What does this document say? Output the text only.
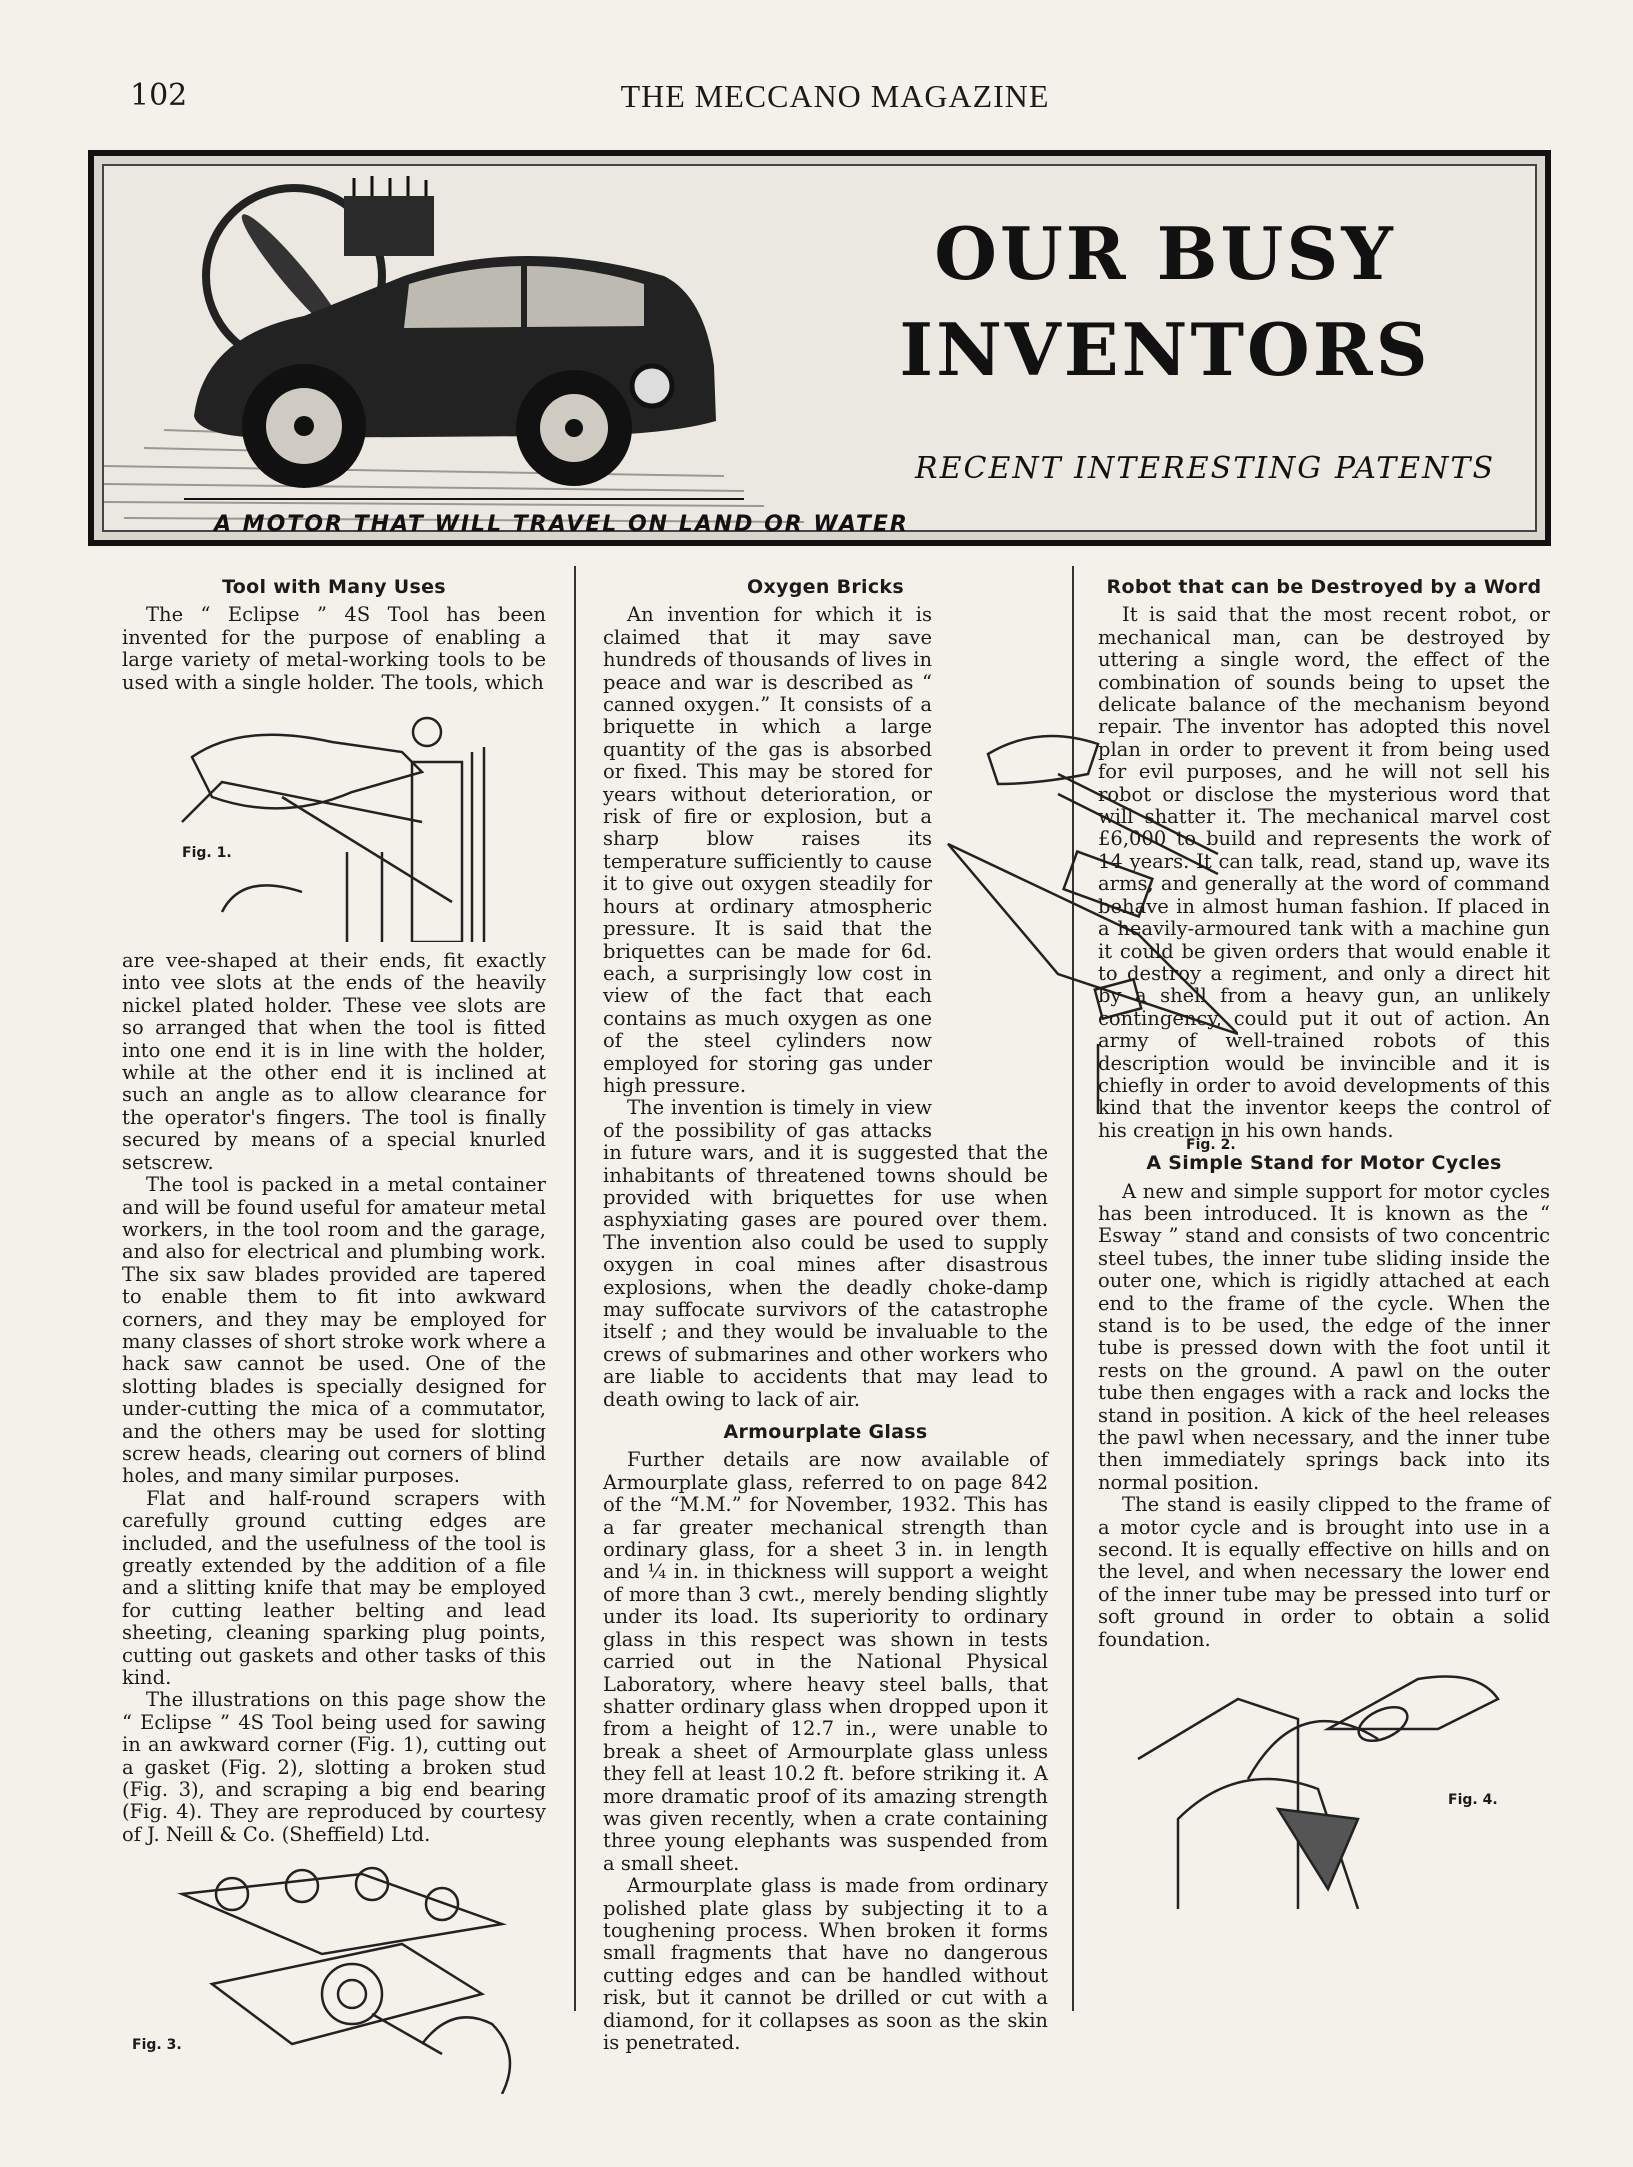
102	THE MECCANO MAGAZINE
OUR BUSY
INVENTORS
RECENT INTERESTING PATENTS
A MOTOR THAT WILL TRAVEL ON LAND OR WATER
Tool with Many Uses

The “ Eclipse ” 4S Tool has been invented for the purpose of enabling a large variety of metal-working tools to be used with a single holder. The tools, which

Fig. 1.

are vee-shaped at their ends, fit exactly into vee slots at the ends of the heavily nickel plated holder. These vee slots are so arranged that when the tool is fitted into one end it is in line with the holder, while at the other end it is inclined at such an angle as to allow clearance for the operator's fingers. The tool is finally secured by means of a special knurled setscrew.

The tool is packed in a metal container and will be found useful for amateur metal workers, in the tool room and the garage, and also for electrical and plumbing work. The six saw blades provided are tapered to enable them to fit into awkward corners, and they may be employed for many classes of short stroke work where a hack saw cannot be used. One of the slotting blades is specially designed for under-cutting the mica of a commutator, and the others may be used for slotting screw heads, clearing out corners of blind holes, and many similar purposes.

Flat and half-round scrapers with carefully ground cutting edges are included, and the usefulness of the tool is greatly extended by the addition of a file and a slitting knife that may be employed for cutting leather belting and lead sheeting, cleaning sparking plug points, cutting out gaskets and other tasks of this kind.

The illustrations on this page show the “ Eclipse ” 4S Tool being used for sawing in an awkward corner (Fig. 1), cutting out a gasket (Fig. 2), slotting a broken stud (Fig. 3), and scraping a big end bearing (Fig. 4). They are reproduced by courtesy of J. Neill & Co. (Sheffield) Ltd.

Fig. 3.
Oxygen Bricks
Fig. 2.

An invention for which it is claimed that it may save hundreds of thousands of lives in peace and war is described as “ canned oxygen.” It consists of a briquette in which a large quantity of the gas is absorbed or fixed. This may be stored for years without deterioration, or risk of fire or explosion, but a sharp blow raises its temperature sufficiently to cause it to give out oxygen steadily for hours at ordinary atmospheric pressure. It is said that the briquettes can be made for 6d. each, a surprisingly low cost in view of the fact that each contains as much oxygen as one of the steel cylinders now employed for storing gas under high pressure.

The invention is timely in view of the possibility of gas attacks in future wars, and it is suggested that the inhabitants of threatened towns should be provided with briquettes for use when asphyxiating gases are poured over them. The invention also could be used to supply oxygen in coal mines after disastrous explosions, when the deadly choke-damp may suffocate survivors of the catastrophe itself ; and they would be invaluable to the crews of submarines and other workers who are liable to accidents that may lead to death owing to lack of air.

Armourplate Glass

Further details are now available of Armourplate glass, referred to on page 842 of the “M.M.” for November, 1932. This has a far greater mechanical strength than ordinary glass, for a sheet 3 in. in length and ¼ in. in thickness will support a weight of more than 3 cwt., merely bending slightly under its load. Its superiority to ordinary glass in this respect was shown in tests carried out in the National Physical Laboratory, where heavy steel balls, that shatter ordinary glass when dropped upon it from a height of 12.7 in., were unable to break a sheet of Armourplate glass unless they fell at least 10.2 ft. before striking it. A more dramatic proof of its amazing strength was given recently, when a crate containing three young elephants was suspended from a small sheet.

Armourplate glass is made from ordinary polished plate glass by subjecting it to a toughening process. When broken it forms small fragments that have no dangerous cutting edges and can be handled without risk, but it cannot be drilled or cut with a diamond, for it collapses as soon as the skin is penetrated.

Robot that can be Destroyed by a Word

It is said that the most recent robot, or mechanical man, can be destroyed by uttering a single word, the effect of the combination of sounds being to upset the delicate balance of the mechanism beyond repair. The inventor has adopted this novel plan in order to prevent it from being used for evil purposes, and he will not sell his robot or disclose the mysterious word that will shatter it. The mechanical marvel cost £6,000 to build and represents the work of 14 years. It can talk, read, stand up, wave its arms, and generally at the word of command behave in almost human fashion. If placed in a heavily-armoured tank with a machine gun it could be given orders that would enable it to destroy a regiment, and only a direct hit by a shell from a heavy gun, an unlikely contingency, could put it out of action. An army of well-trained robots of this description would be invincible and it is chiefly in order to avoid developments of this kind that the inventor keeps the control of his creation in his own hands.

A Simple Stand for Motor Cycles

A new and simple support for motor cycles has been introduced. It is known as the “ Esway ” stand and consists of two concentric steel tubes, the inner tube sliding inside the outer one, which is rigidly attached at each end to the frame of the cycle. When the stand is to be used, the edge of the inner tube is pressed down with the foot until it rests on the ground. A pawl on the outer tube then engages with a rack and locks the stand in position. A kick of the heel releases the pawl when necessary, and the inner tube then immediately springs back into its normal position.

The stand is easily clipped to the frame of a motor cycle and is brought into use in a second. It is equally effective on hills and on the level, and when necessary the lower end of the inner tube may be pressed into turf or soft ground in order to obtain a solid foundation.

Fig. 4.
